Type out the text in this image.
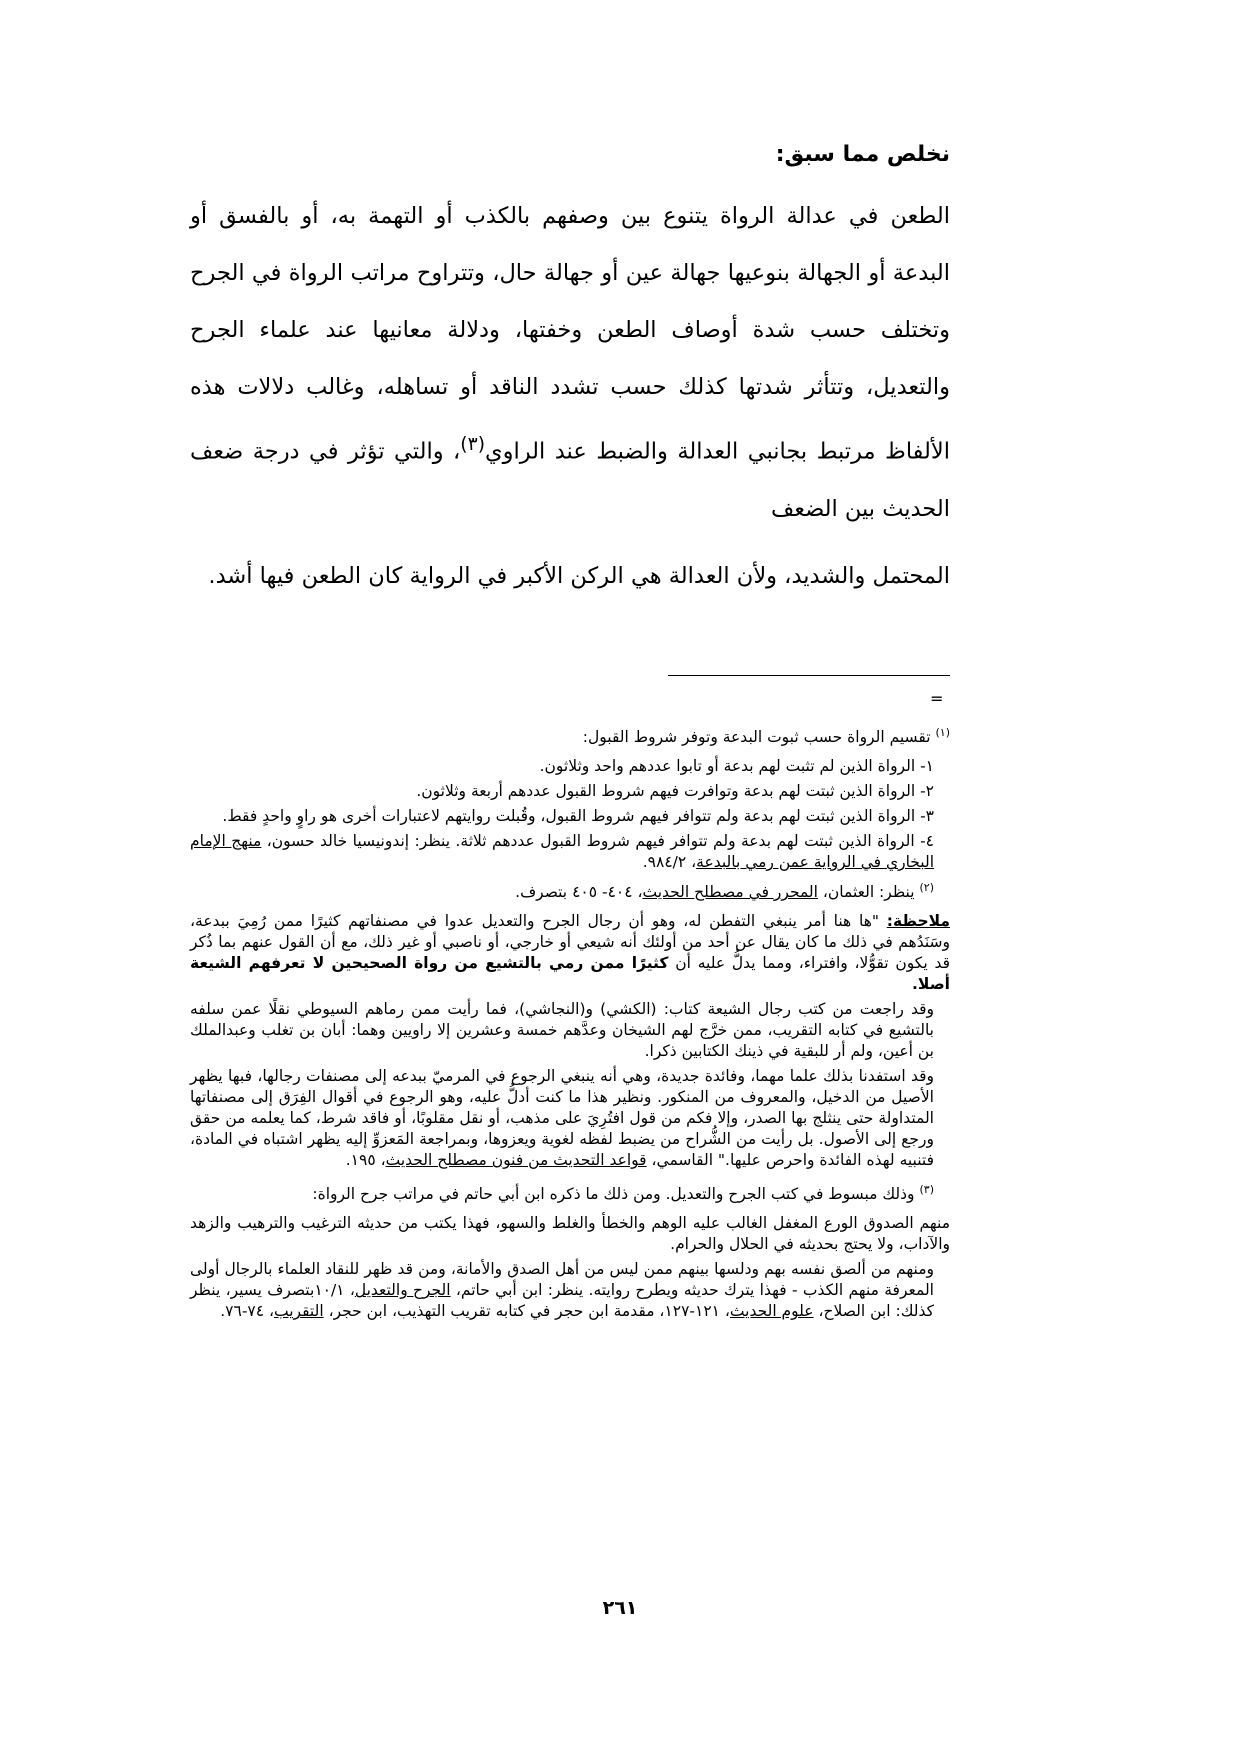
نخلص مما سبق:

الطعن في عدالة الرواة يتنوع بين وصفهم بالكذب أو التهمة به، أو بالفسق أو البدعة أو الجهالة بنوعيها جهالة عين أو جهالة حال، وتتراوح مراتب الرواة في الجرح وتختلف حسب شدة أوصاف الطعن وخفتها، ودلالة معانيها عند علماء الجرح والتعديل، وتتأثر شدتها كذلك حسب تشدد الناقد أو تساهله، وغالب دلالات هذه الألفاظ مرتبط بجانبي العدالة والضبط عند الراوي$^{(٣)}$، والتي تؤثر في درجة ضعف الحديث بين الضعف

المحتمل والشديد، ولأن العدالة هي الركن الأكبر في الرواية كان الطعن فيها أشد.

=

$^{(١)}$ تقسيم الرواة حسب ثبوت البدعة وتوفر شروط القبول:

١- الرواة الذين لم تثبت لهم بدعة أو تابوا عددهم واحد وثلاثون.

٢- الرواة الذين ثبتت لهم بدعة وتوافرت فيهم شروط القبول عددهم أربعة وثلاثون.

٣- الرواة الذين ثبتت لهم بدعة ولم تتوافر فيهم شروط القبول، وقُبلت روايتهم لاعتبارات أخرى هو راوٍ واحدٍ فقط.

٤- الرواة الذين ثبتت لهم بدعة ولم تتوافر فيهم شروط القبول عددهم ثلاثة. ينظر: إندونيسيا خالد حسون، منهج الإمام البخاري في الرواية عمن رمي بالبدعة، ٩٨٤/٢.

$^{(٢)}$ ينظر: العثمان، المحرر في مصطلح الحديث، ٤٠٤- ٤٠٥ بتصرف.

ملاحظة: "ها هنا أمر ينبغي التفطن له، وهو أن رجال الجرح والتعديل عدوا في مصنفاتهم كثيرًا ممن رُمِيَ ببدعة، وسَنَدُهم في ذلك ما كان يقال عن أحد من أولئك أنه شيعي أو خارجي، أو ناصبي أو غير ذلك، مع أن القول عنهم بما ذُكر قد يكون تقوُّلا، وافتراء، ومما يدلُّ عليه أن كثيرًا ممن رمي بالتشيع من رواة الصحيحين لا تعرفهم الشيعة أصلا.

وقد راجعت من كتب رجال الشيعة كتاب: (الكشي) و(النجاشي)، فما رأيت ممن رماهم السيوطي نقلًا عمن سلفه بالتشيع في كتابه التقريب، ممن خرَّج لهم الشيخان وعدَّهم خمسة وعشرين إلا راويين وهما: أبان بن تغلب وعبدالملك بن أعين، ولم أر للبقية في ذينك الكتابين ذكرا.

وقد استفدنا بذلك علما مهما، وفائدة جديدة، وهي أنه ينبغي الرجوع في المرميّ ببدعه إلى مصنفات رجالها، فبها يظهر الأصيل من الدخيل، والمعروف من المنكور. ونظير هذا ما كنت أدلُّ عليه، وهو الرجوع في أقوال الفِرَق إلى مصنفاتها المتداولة حتى ينثلج بها الصدر، وإلا فكم من قول افتُرِيَ على مذهب، أو نقل مقلوبًا، أو فاقد شرط، كما يعلمه من حقق ورجع إلى الأصول. بل رأيت من الشُّراح من يضبط لفظه لغوية ويعزوها، وبمراجعة المَعزوِّ إليه يظهر اشتباه في المادة، فتنبيه لهذه الفائدة واحرص عليها." القاسمي، قواعد التحديث من فنون مصطلح الحديث، ١٩٥.

$^{(٣)}$ وذلك مبسوط في كتب الجرح والتعديل. ومن ذلك ما ذكره ابن أبي حاتم في مراتب جرح الرواة:

منهم الصدوق الورع المغفل الغالب عليه الوهم والخطأ والغلط والسهو، فهذا يكتب من حديثه الترغيب والترهيب والزهد والآداب، ولا يحتج بحديثه في الحلال والحرام.

ومنهم من ألصق نفسه بهم ودلسها بينهم ممن ليس من أهل الصدق والأمانة، ومن قد ظهر للنقاد العلماء بالرجال أولى المعرفة منهم الكذب - فهذا يترك حديثه ويطرح روايته. ينظر: ابن أبي حاتم، الجرح والتعديل، ١٠/١بتصرف يسير، ينظر كذلك: ابن الصلاح، علوم الحديث، ١٢١-١٢٧، مقدمة ابن حجر في كتابه تقريب التهذيب، ابن حجر، التقريب، ٧٤-٧٦.

٢٦١
